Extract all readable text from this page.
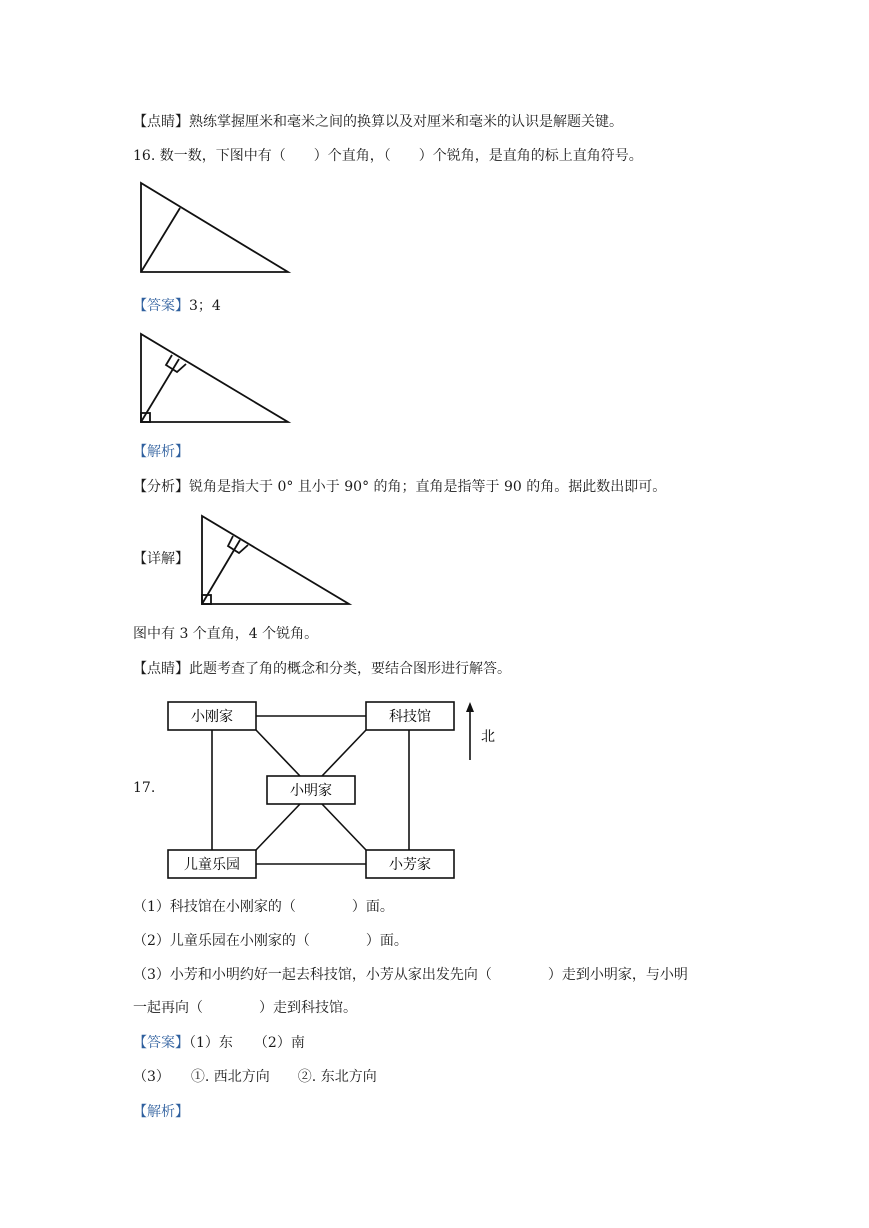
【点睛】熟练掌握厘米和毫米之间的换算以及对厘米和毫米的认识是解题关键。
16. 数一数，下图中有（　　）个直角，（　　）个锐角，是直角的标上直角符号。
【答案】3；4
【解析】
【分析】锐角是指大于 0° 且小于 90° 的角；直角是指等于 90 的角。据此数出即可。
【详解】
图中有 3 个直角，4 个锐角。
【点睛】此题考查了角的概念和分类，要结合图形进行解答。
17.
小刚家	科技馆
小明家
儿童乐园	小芳家
北
（1）科技馆在小刚家的（　　　　）面。
（2）儿童乐园在小刚家的（　　　　）面。
（3）小芳和小明约好一起去科技馆，小芳从家出发先向（　　　　）走到小明家，与小明
一起再向（　　　　）走到科技馆。
【答案】（1）东　　（2）南
（3）　　①. 西北方向　　②. 东北方向
【解析】
